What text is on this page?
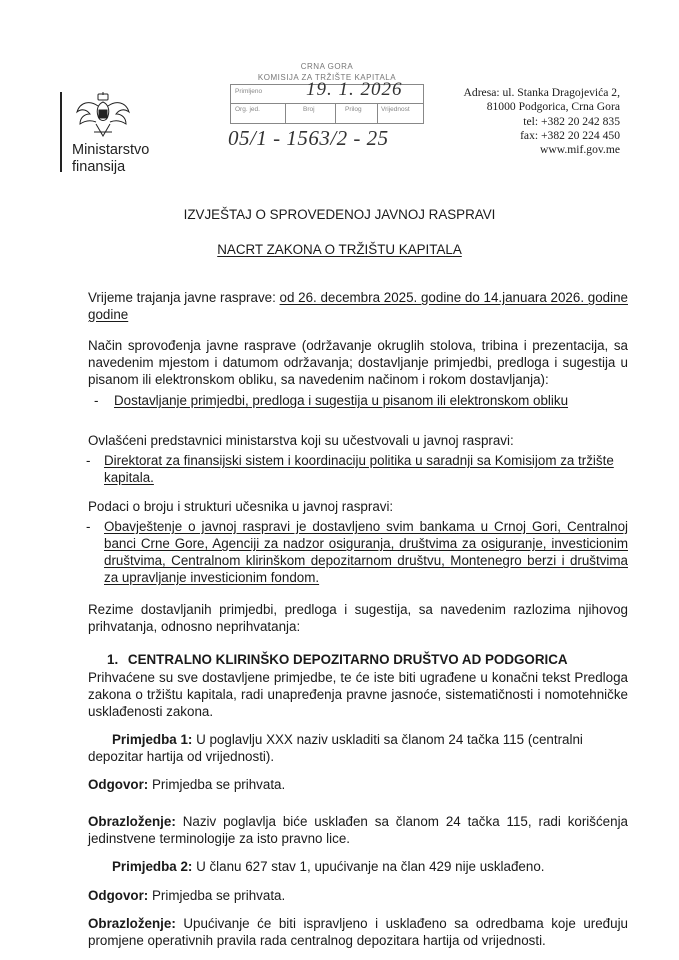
Ministarstvo
finansija
CRNA GORA
KOMISIJA ZA TRŽIŠTE KAPITALA
Primljeno
Org. jed.	Broj	Prilog	Vrijednost
19. 1. 2026
05/1 - 1563/2 - 25
Adresa: ul. Stanka Dragojevića 2,
81000 Podgorica, Crna Gora
tel: +382 20 242 835
fax: +382 20 224 450
www.mif.gov.me
IZVJEŠTAJ O SPROVEDENOJ JAVNOJ RASPRAVI
NACRT ZAKONA O TRŽIŠTU KAPITALA
Vrijeme trajanja javne rasprave: od 26. decembra 2025. godine do 14.januara 2026. godine
godine
Način sprovođenja javne rasprave (održavanje okruglih stolova, tribina i prezentacija, sa navedenim mjestom i datumom održavanja; dostavljanje primjedbi, predloga i sugestija u pisanom ili elektronskom obliku, sa navedenim načinom i rokom dostavljanja):
- Dostavljanje primjedbi, predloga i sugestija u pisanom ili elektronskom obliku
Ovlašćeni predstavnici ministarstva koji su učestvovali u javnoj raspravi:
- Direktorat za finansijski sistem i koordinaciju politika u saradnji sa Komisijom za tržište kapitala.
Podaci o broju i strukturi učesnika u javnoj raspravi:
- Obavještenje o javnoj raspravi je dostavljeno svim bankama u Crnoj Gori, Centralnoj banci Crne Gore, Agenciji za nadzor osiguranja, društvima za osiguranje, investicionim društvima, Centralnom klirinškom depozitarnom društvu, Montenegro berzi i društvima za upravljanje investicionim fondom.
Rezime dostavljanih primjedbi, predloga i sugestija, sa navedenim razlozima njihovog prihvatanja, odnosno neprihvatanja:
1. CENTRALNO KLIRINŠKO DEPOZITARNO DRUŠTVO AD PODGORICA
Prihvaćene su sve dostavljene primjedbe, te će iste biti ugrađene u konačni tekst Predloga zakona o tržištu kapitala, radi unapređenja pravne jasnoće, sistematičnosti i nomotehničke usklađenosti zakona.
Primjedba 1: U poglavlju XXX naziv uskladiti sa članom 24 tačka 115 (centralni depozitar hartija od vrijednosti).
Odgovor: Primjedba se prihvata.
Obrazloženje: Naziv poglavlja biće usklađen sa članom 24 tačka 115, radi korišćenja jedinstvene terminologije za isto pravno lice.
Primjedba 2: U članu 627 stav 1, upućivanje na član 429 nije usklađeno.
Odgovor: Primjedba se prihvata.
Obrazloženje: Upućivanje će biti ispravljeno i usklađeno sa odredbama koje uređuju promjene operativnih pravila rada centralnog depozitara hartija od vrijednosti.
